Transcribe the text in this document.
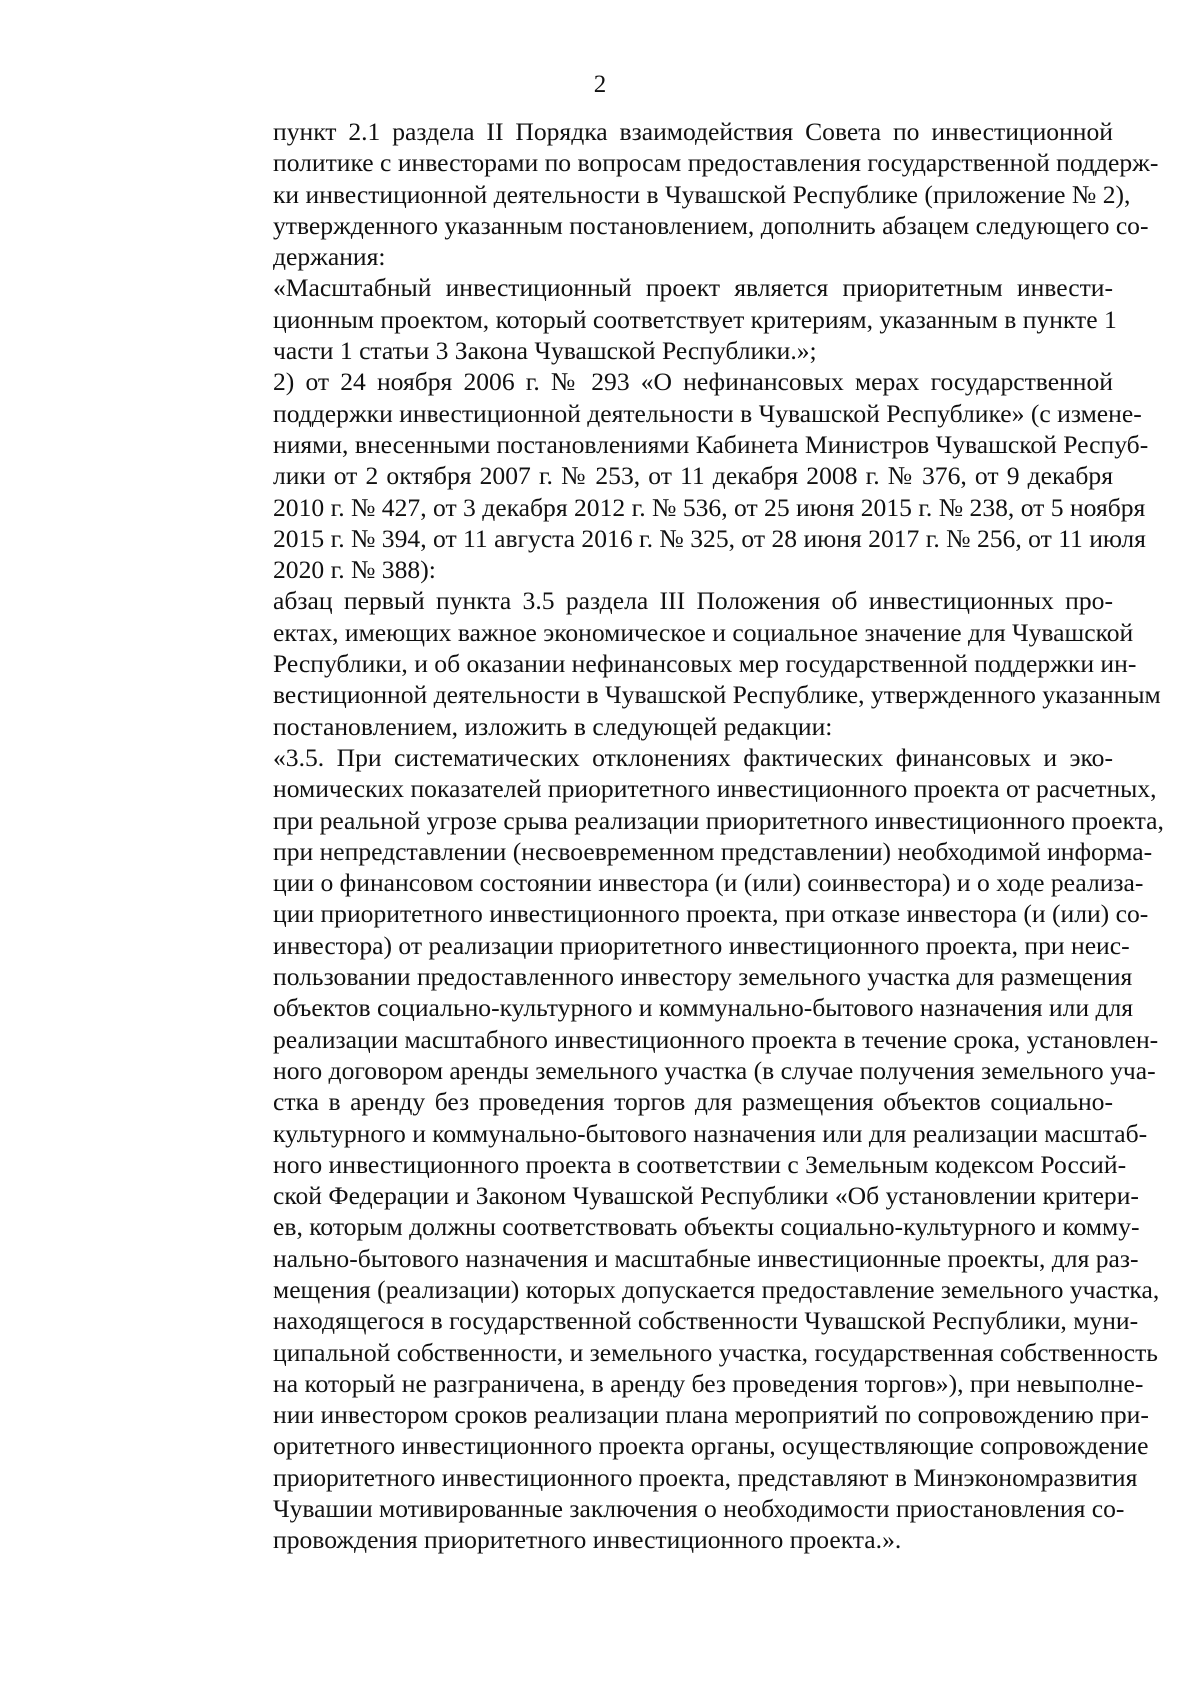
2

пункт 2.1 раздела II Порядка взаимодействия Совета по инвестиционной
политике с инвесторами по вопросам предоставления государственной поддерж-
ки инвестиционной деятельности в Чувашской Республике (приложение № 2),
утвержденного указанным постановлением, дополнить абзацем следующего со-
держания:

«Масштабный инвестиционный проект является приоритетным инвести-
ционным проектом, который соответствует критериям, указанным в пункте 1
части 1 статьи 3 Закона Чувашской Республики.»;

2) от 24 ноября 2006 г. № 293 «О нефинансовых мерах государственной
поддержки инвестиционной деятельности в Чувашской Республике» (с измене-
ниями, внесенными постановлениями Кабинета Министров Чувашской Респуб-
лики от 2 октября 2007 г. № 253, от 11 декабря 2008 г. № 376, от 9 декабря
2010 г. № 427, от 3 декабря 2012 г. № 536, от 25 июня 2015 г. № 238, от 5 ноября
2015 г. № 394, от 11 августа 2016 г. № 325, от 28 июня 2017 г. № 256, от 11 июля
2020 г. № 388):

абзац первый пункта 3.5 раздела III Положения об инвестиционных про-
ектах, имеющих важное экономическое и социальное значение для Чувашской
Республики, и об оказании нефинансовых мер государственной поддержки ин-
вестиционной деятельности в Чувашской Республике, утвержденного указанным
постановлением, изложить в следующей редакции:

«3.5. При систематических отклонениях фактических финансовых и эко-
номических показателей приоритетного инвестиционного проекта от расчетных,
при реальной угрозе срыва реализации приоритетного инвестиционного проекта,
при непредставлении (несвоевременном представлении) необходимой информа-
ции о финансовом состоянии инвестора (и (или) соинвестора) и о ходе реализа-
ции приоритетного инвестиционного проекта, при отказе инвестора (и (или) со-
инвестора) от реализации приоритетного инвестиционного проекта, при неис-
пользовании предоставленного инвестору земельного участка для размещения
объектов социально-культурного и коммунально-бытового назначения или для
реализации масштабного инвестиционного проекта в течение срока, установлен-
ного договором аренды земельного участка (в случае получения земельного уча-
стка в аренду без проведения торгов для размещения объектов социально-
культурного и коммунально-бытового назначения или для реализации масштаб-
ного инвестиционного проекта в соответствии с Земельным кодексом Россий-
ской Федерации и Законом Чувашской Республики «Об установлении критери-
ев, которым должны соответствовать объекты социально-культурного и комму-
нально-бытового назначения и масштабные инвестиционные проекты, для раз-
мещения (реализации) которых допускается предоставление земельного участка,
находящегося в государственной собственности Чувашской Республики, муни-
ципальной собственности, и земельного участка, государственная собственность
на который не разграничена, в аренду без проведения торгов»), при невыполне-
нии инвестором сроков реализации плана мероприятий по сопровождению при-
оритетного инвестиционного проекта органы, осуществляющие сопровождение
приоритетного инвестиционного проекта, представляют в Минэкономразвития
Чувашии мотивированные заключения о необходимости приостановления со-
провождения приоритетного инвестиционного проекта.».
